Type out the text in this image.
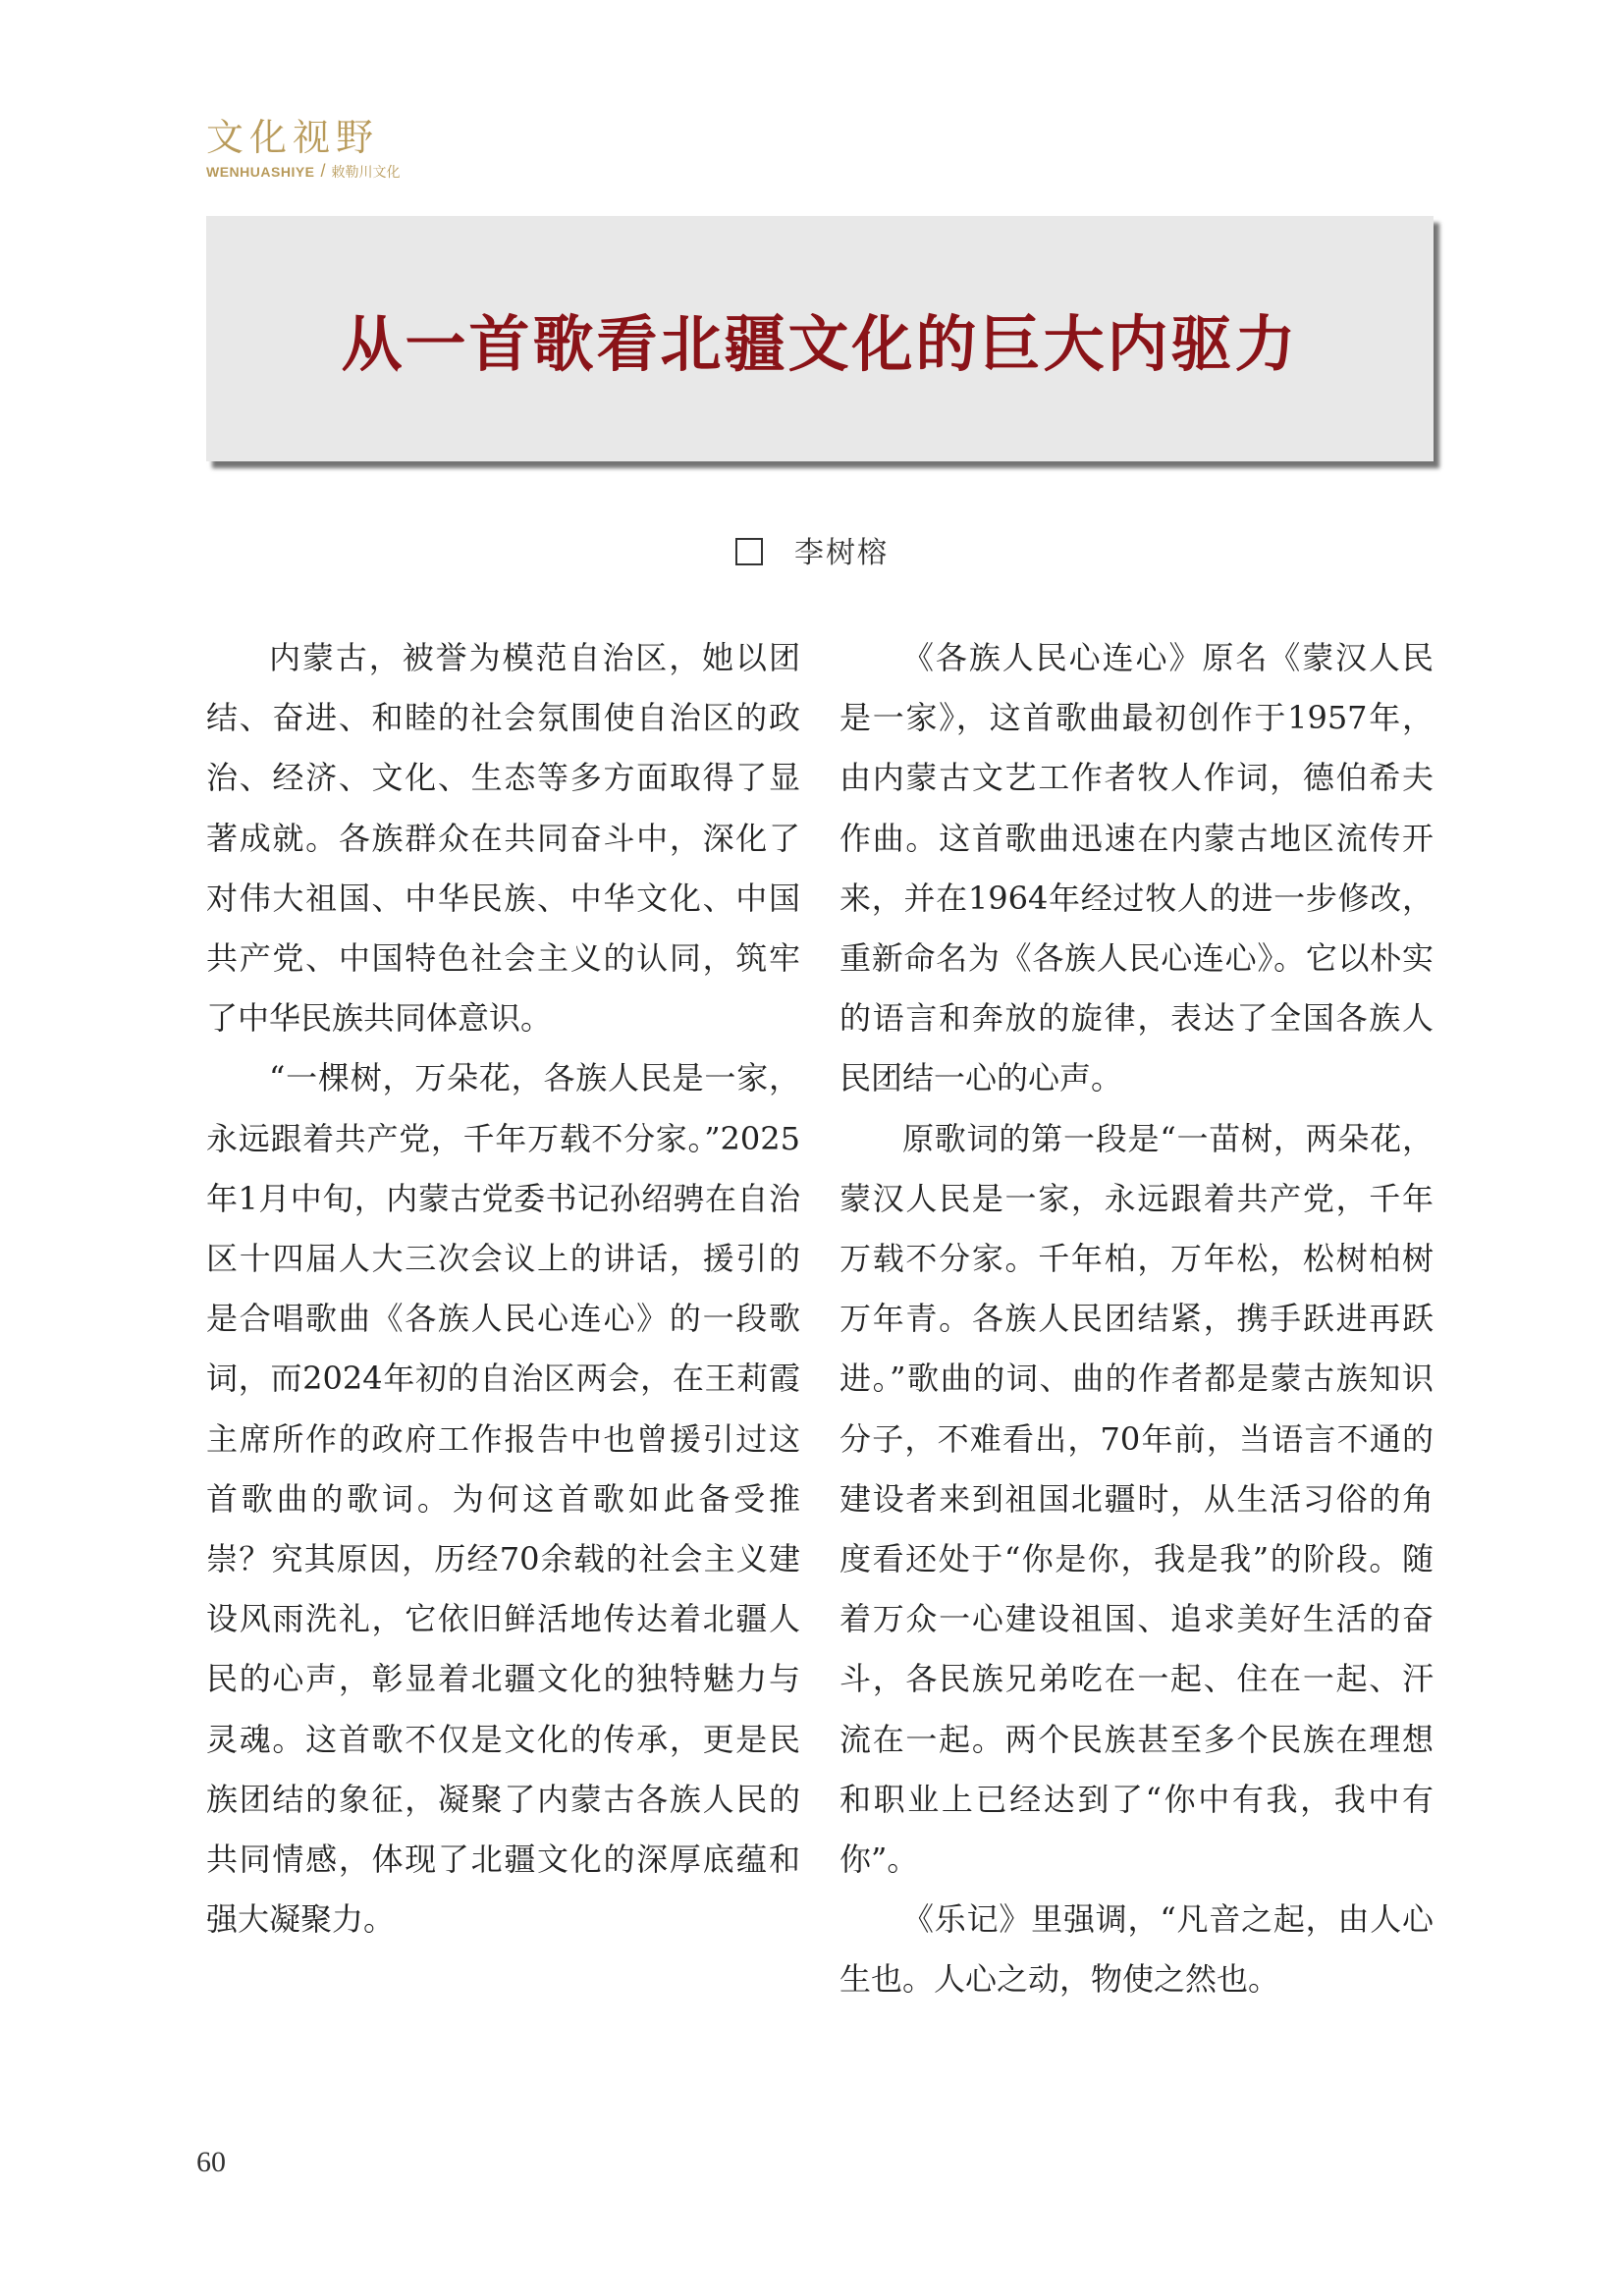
文化视野
WENHUASHIYE / 敕勒川文化
从一首歌看北疆文化的巨大内驱力
李树榕

内蒙古，被誉为模范自治区，她以团结、奋进、和睦的社会氛围使自治区的政治、经济、文化、生态等多方面取得了显著成就。各族群众在共同奋斗中，深化了对伟大祖国、中华民族、中华文化、中国共产党、中国特色社会主义的认同，筑牢了中华民族共同体意识。

“一棵树，万朵花，各族人民是一家，永远跟着共产党，千年万载不分家。”2025年1月中旬，内蒙古党委书记孙绍骋在自治区十四届人大三次会议上的讲话，援引的是合唱歌曲《各族人民心连心》的一段歌词，而2024年初的自治区两会，在王莉霞主席所作的政府工作报告中也曾援引过这首歌曲的歌词。为何这首歌如此备受推崇？究其原因，历经70余载的社会主义建设风雨洗礼，它依旧鲜活地传达着北疆人民的心声，彰显着北疆文化的独特魅力与灵魂。这首歌不仅是文化的传承，更是民族团结的象征，凝聚了内蒙古各族人民的共同情感，体现了北疆文化的深厚底蕴和强大凝聚力。

《各族人民心连心》原名《蒙汉人民是一家》，这首歌曲最初创作于1957年，由内蒙古文艺工作者牧人作词，德伯希夫作曲。这首歌曲迅速在内蒙古地区流传开来，并在1964年经过牧人的进一步修改，重新命名为《各族人民心连心》。它以朴实的语言和奔放的旋律，表达了全国各族人民团结一心的心声。

原歌词的第一段是“一苗树，两朵花，蒙汉人民是一家，永远跟着共产党，千年万载不分家。千年柏，万年松，松树柏树万年青。各族人民团结紧，携手跃进再跃进。”歌曲的词、曲的作者都是蒙古族知识分子，不难看出，70年前，当语言不通的建设者来到祖国北疆时，从生活习俗的角度看还处于“你是你，我是我”的阶段。随着万众一心建设祖国、追求美好生活的奋斗，各民族兄弟吃在一起、住在一起、汗流在一起。两个民族甚至多个民族在理想和职业上已经达到了“你中有我，我中有你”。

《乐记》里强调，“凡音之起，由人心生也。人心之动，物使之然也。

60
